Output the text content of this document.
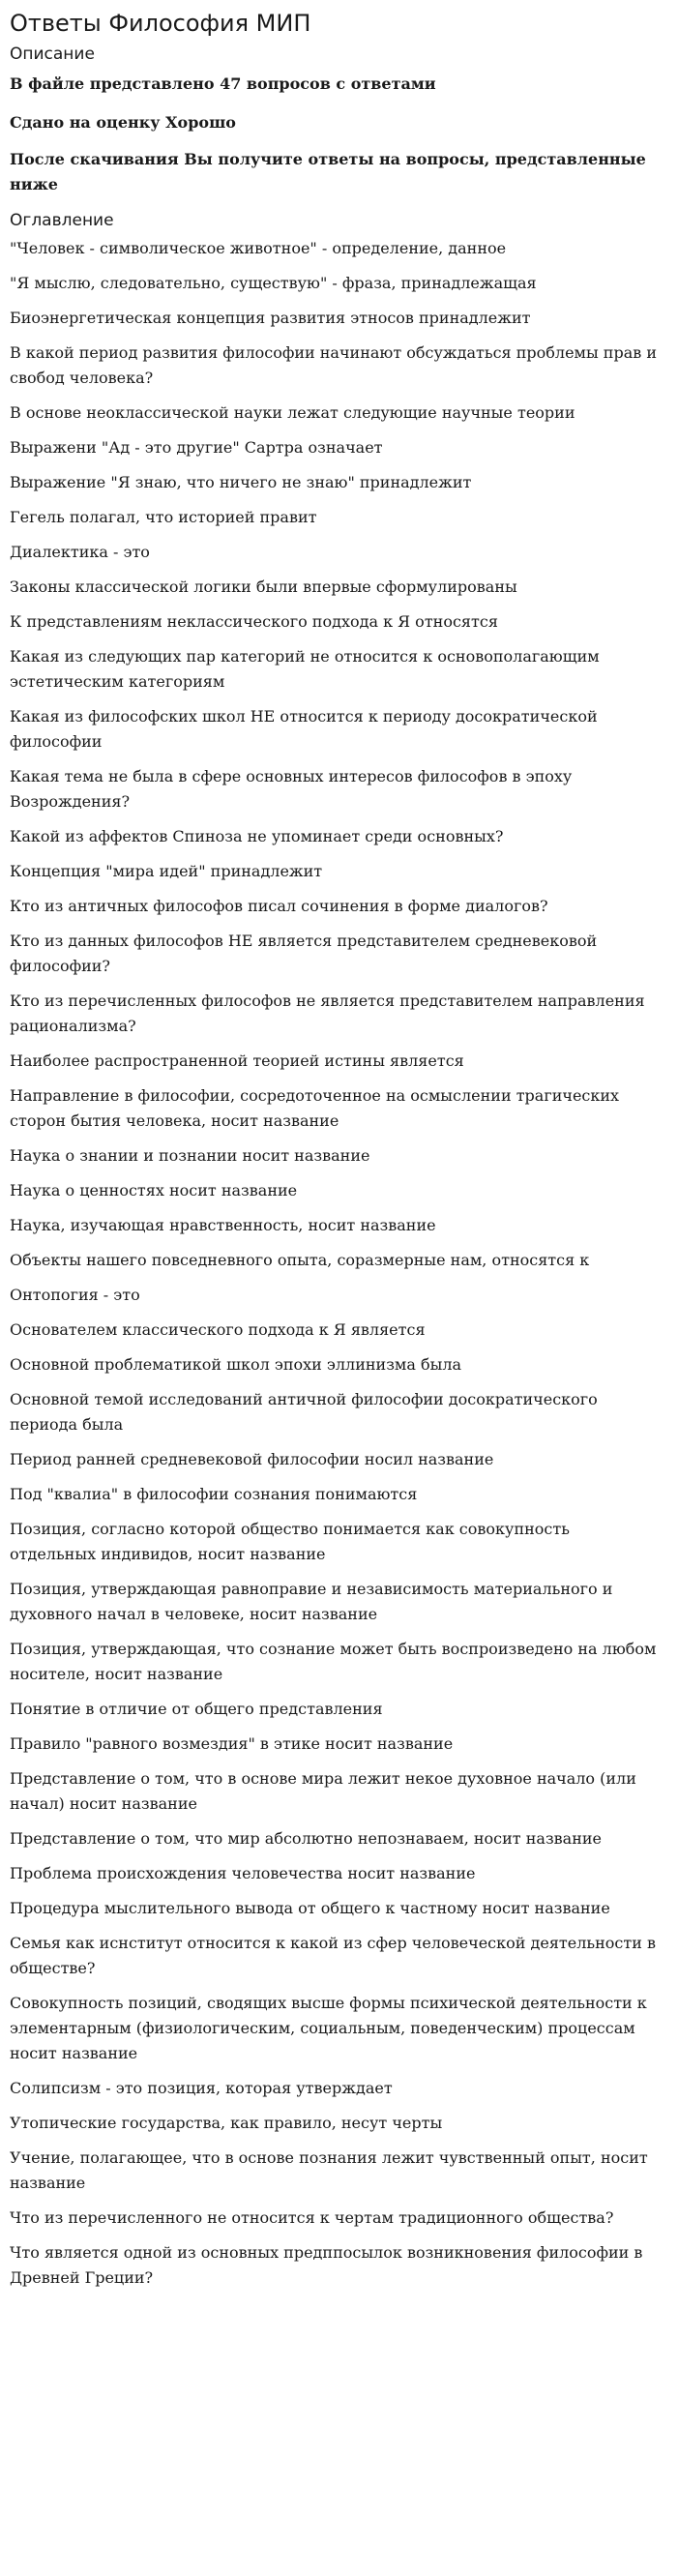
Ответы Философия МИП
Описание

В файле представлено 47 вопросов с ответами

Сдано на оценку Хорошо

После скачивания Вы получите ответы на вопросы, представленные ниже

Оглавление
"Человек - символическое животное" - определение, данное
"Я мыслю, следовательно, существую" - фраза, принадлежащая
Биоэнергетическая концепция развития этносов принадлежит
В какой период развития философии начинают обсуждаться проблемы прав и свобод человека?
В основе неоклассической науки лежат следующие научные теории
Выражени "Ад - это другие" Сартра означает
Выражение "Я знаю, что ничего не знаю" принадлежит
Гегель полагал, что историей правит
Диалектика - это
Законы классической логики были впервые сформулированы
К представлениям неклассического подхода к Я относятся
Какая из следующих пар категорий не относится к основополагающим эстетическим категориям
Какая из философских школ НЕ относится к периоду досократической философии
Какая тема не была в сфере основных интересов философов в эпоху Возрождения?
Какой из аффектов Спиноза не упоминает среди основных?
Концепция "мира идей" принадлежит
Кто из античных философов писал сочинения в форме диалогов?
Кто из данных философов НЕ является представителем средневековой философии?
Кто из перечисленных философов не является представителем направления рационализма?
Наиболее распространенной теорией истины является
Направление в философии, сосредоточенное на осмыслении трагических сторон бытия человека, носит название
Наука о знании и познании носит название
Наука о ценностях носит название
Наука, изучающая нравственность, носит название
Объекты нашего повседневного опыта, соразмерные нам, относятся к
Онтопогия - это
Основателем классического подхода к Я является
Основной проблематикой школ эпохи эллинизма была
Основной темой исследований античной философии досократического периода была
Период ранней средневековой философии носил название
Под "квалиа" в философии сознания понимаются
Позиция, согласно которой общество понимается как совокупность отдельных индивидов, носит название
Позиция, утверждающая равноправие и независимость материального и духовного начал в человеке, носит название
Позиция, утверждающая, что сознание может быть воспроизведено на любом носителе, носит название
Понятие в отличие от общего представления
Правило "равного возмездия" в этике носит название
Представление о том, что в основе мира лежит некое духовное начало (или начал) носит название
Представление о том, что мир абсолютно непознаваем, носит название
Проблема происхождения человечества носит название
Процедура мыслительного вывода от общего к частному носит название
Семья как иснститут относится к какой из сфер человеческой деятельности в обществе?
Совокупность позиций, сводящих высше формы психической деятельности к элементарным (физиологическим, социальным, поведенческим) процессам носит название
Солипсизм - это позиция, которая утверждает
Утопические государства, как правило, несут черты
Учение, полагающее, что в основе познания лежит чувственный опыт, носит название
Что из перечисленного не относится к чертам традиционного общества?
Что является одной из основных предппосылок возникновения философии в Древней Греции?
